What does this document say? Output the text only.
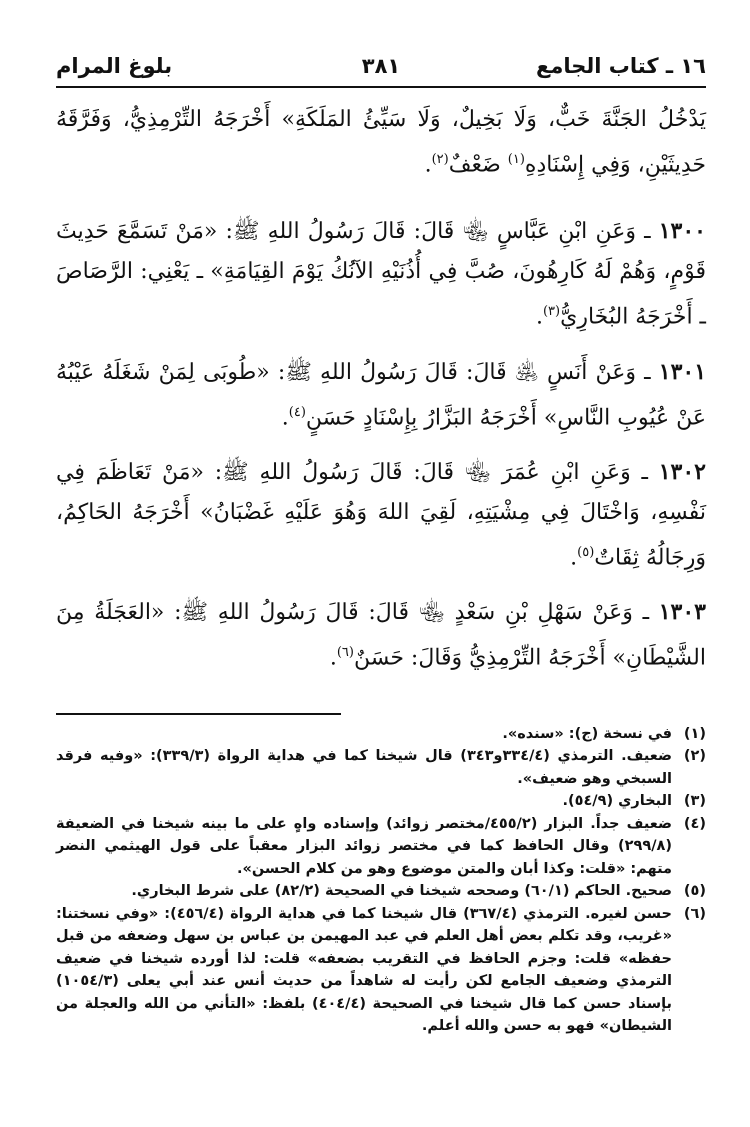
١٦ ـ كتاب الجامع
٣٨١
بلوغ المرام

يَدْخُلُ الجَنَّةَ خَبٌّ، وَلَا بَخِيلٌ، وَلَا سَيِّئُ المَلَكَةِ» أَخْرَجَهُ التِّرْمِذِيُّ، وَفَرَّقَهُ حَدِيثَيْنِ، وَفِي إِسْنَادِهِ$^{(١)}$ ضَعْفٌ$^{(٢)}$.

١٣٠٠ ـ وَعَنِ ابْنِ عَبَّاسٍ ﵄ قَالَ: قَالَ رَسُولُ اللهِ ﷺ: «مَنْ تَسَمَّعَ حَدِيثَ قَوْمٍ، وَهُمْ لَهُ كَارِهُونَ، صُبَّ فِي أُذُنَيْهِ الآنُكُ يَوْمَ القِيَامَةِ» ـ يَعْنِي: الرَّصَاصَ ـ أَخْرَجَهُ البُخَارِيُّ$^{(٣)}$.

١٣٠١ ـ وَعَنْ أَنَسٍ ﵁ قَالَ: قَالَ رَسُولُ اللهِ ﷺ: «طُوبَى لِمَنْ شَغَلَهُ عَيْبُهُ عَنْ عُيُوبِ النَّاسِ» أَخْرَجَهُ البَزَّارُ بِإِسْنَادٍ حَسَنٍ$^{(٤)}$.

١٣٠٢ ـ وَعَنِ ابْنِ عُمَرَ ﵄ قَالَ: قَالَ رَسُولُ اللهِ ﷺ: «مَنْ تَعَاظَمَ فِي نَفْسِهِ، وَاخْتَالَ فِي مِشْيَتِهِ، لَقِيَ اللهَ وَهُوَ عَلَيْهِ غَضْبَانُ» أَخْرَجَهُ الحَاكِمُ، وَرِجَالُهُ ثِقَاتٌ$^{(٥)}$.

١٣٠٣ ـ وَعَنْ سَهْلِ بْنِ سَعْدٍ ﵄ قَالَ: قَالَ رَسُولُ اللهِ ﷺ: «العَجَلَةُ مِنَ الشَّيْطَانِ» أَخْرَجَهُ التِّرْمِذِيُّ وَقَالَ: حَسَنٌ$^{(٦)}$.

(١)
في نسخة (ج): «سنده».
(٢)
ضعيف. الترمذي (٣٣٤/٤و٣٤٣) قال شيخنا كما في هداية الرواة (٣٣٩/٣): «وفيه فرقد السبخي وهو ضعيف».
(٣)
البخاري (٥٤/٩).
(٤)
ضعيف جداً. البزار (٤٥٥/٢/مختصر زوائد) وإسناده واهٍ على ما بينه شيخنا في الضعيفة (٢٩٩/٨) وقال الحافظ كما في مختصر زوائد البزار معقباً على قول الهيثمي النضر متهم: «قلت: وكذا أبان والمتن موضوع وهو من كلام الحسن».
(٥)
صحيح. الحاكم (٦٠/١) وصححه شيخنا في الصحيحة (٨٢/٢) على شرط البخاري.
(٦)
حسن لغيره. الترمذي (٣٦٧/٤) قال شيخنا كما في هداية الرواة (٤٥٦/٤): «وفي نسختنا: «غريب، وقد تكلم بعض أهل العلم في عبد المهيمن بن عباس بن سهل وضعفه من قبل حفظه» قلت: وجزم الحافظ في التقريب بضعفه» قلت: لذا أورده شيخنا في ضعيف الترمذي وضعيف الجامع لكن رأيت له شاهداً من حديث أنس عند أبي يعلى (١٠٥٤/٣) بإسناد حسن كما قال شيخنا في الصحيحة (٤٠٤/٤) بلفظ: «التأني من الله والعجلة من الشيطان» فهو به حسن والله أعلم.
